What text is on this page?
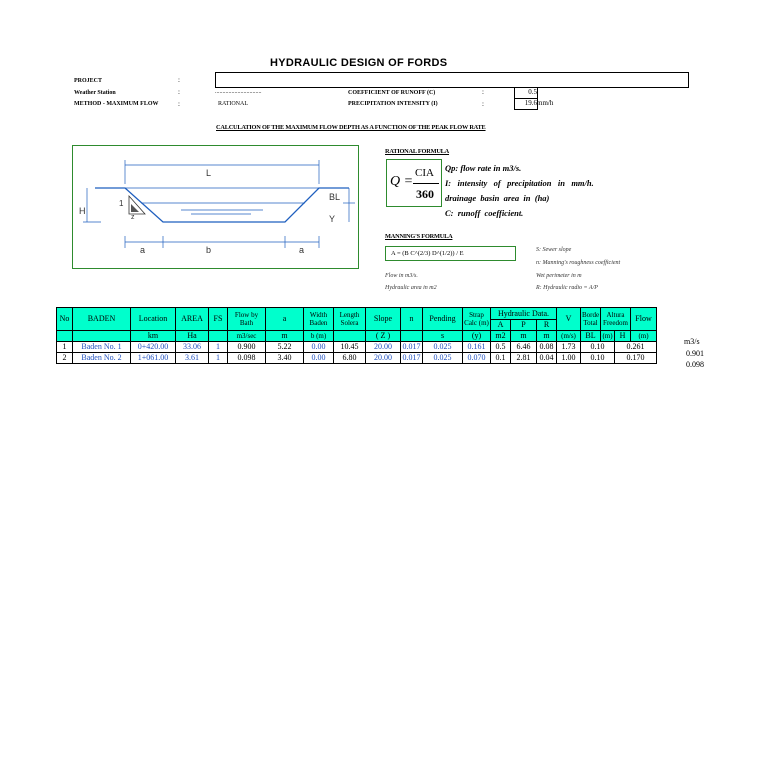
HYDRAULIC DESIGN OF FORDS
PROJECT	:
Weather Station	:	...............................
METHOD - MAXIMUM FLOW	:	RATIONAL
COEFFICIENT OF RUNOFF (C)	:	0.5
PRECIPITATION INTENSITY (I)	:	19.6 mm/h
CALCULATION OF THE MAXIMUM FLOW DEPTH AS A FUNCTION OF THE PEAK FLOW RATE
L
H
BL
Y
1
z
a	b	a
RATIONAL FORMULA
Q =
CIA
360
Qp: flow rate in m3/s.
I:   intensity   of   precipitation   in   mm/h.
drainage  basin  area  in  (ha)
C:  runoff  coefficient.
MANNING'S FORMULA
A = (B C^(2/3) D^(1/2)) / E
Flow in m3/s.
Hydraulic area in m2
S: Sewer slope
n: Manning's roughness coefficient
Wet perimeter in m
R: Hydraulic radio = A/P
No	BADEN	Location	AREA	FS	Flow by Bath	a	Width Baden	Length Solera	Slope	n	Pending	Strap Calc (m)	Hydraulic Data.			V	Borde Total	Altura Freedom		Flow
													A	P	R					
		km	Ha		m3/sec	m	b (m)		( Z )		s	(y)	m2	m	m	(m/s)	BL	(m)	H	(m)
1	Baden No. 1	0+420.00	33.06	1	0.900	5.22	0.00	10.45	20.00	0.017	0.025	0.161	0.5	6.46	0.08	1.73	0.10		0.261	
2	Baden No. 2	1+061.00	3.61	1	0.098	3.40	0.00	6.80	20.00	0.017	0.025	0.070	0.1	2.81	0.04	1.00	0.10		0.170	
m3/s
0.901
0.098
